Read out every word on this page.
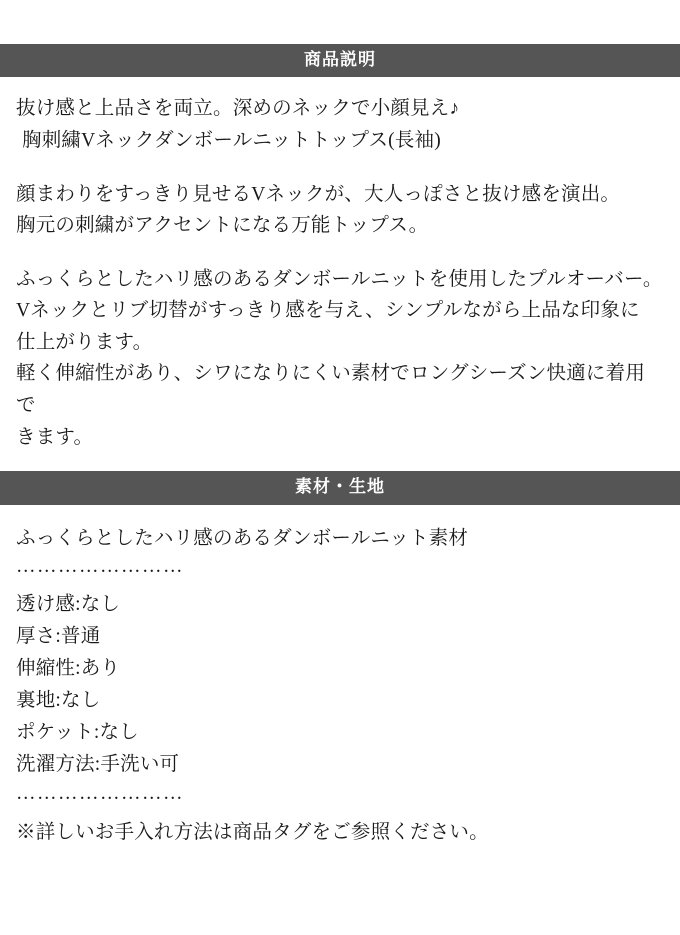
商品説明

抜け感と上品さを両立。深めのネックで小顔見え♪

胸刺繍Vネックダンボールニットトップス(長袖)

顔まわりをすっきり見せるVネックが、大人っぽさと抜け感を演出。

胸元の刺繍がアクセントになる万能トップス。

ふっくらとしたハリ感のあるダンボールニットを使用したプルオーバー。

Vネックとリブ切替がすっきり感を与え、シンプルながら上品な印象に

仕上がります。

軽く伸縮性があり、シワになりにくい素材でロングシーズン快適に着用で

きます。

素材・生地

ふっくらとしたハリ感のあるダンボールニット素材

……………………

透け感:なし

厚さ:普通

伸縮性:あり

裏地:なし

ポケット:なし

洗濯方法:手洗い可

……………………

※詳しいお手入れ方法は商品タグをご参照ください。
